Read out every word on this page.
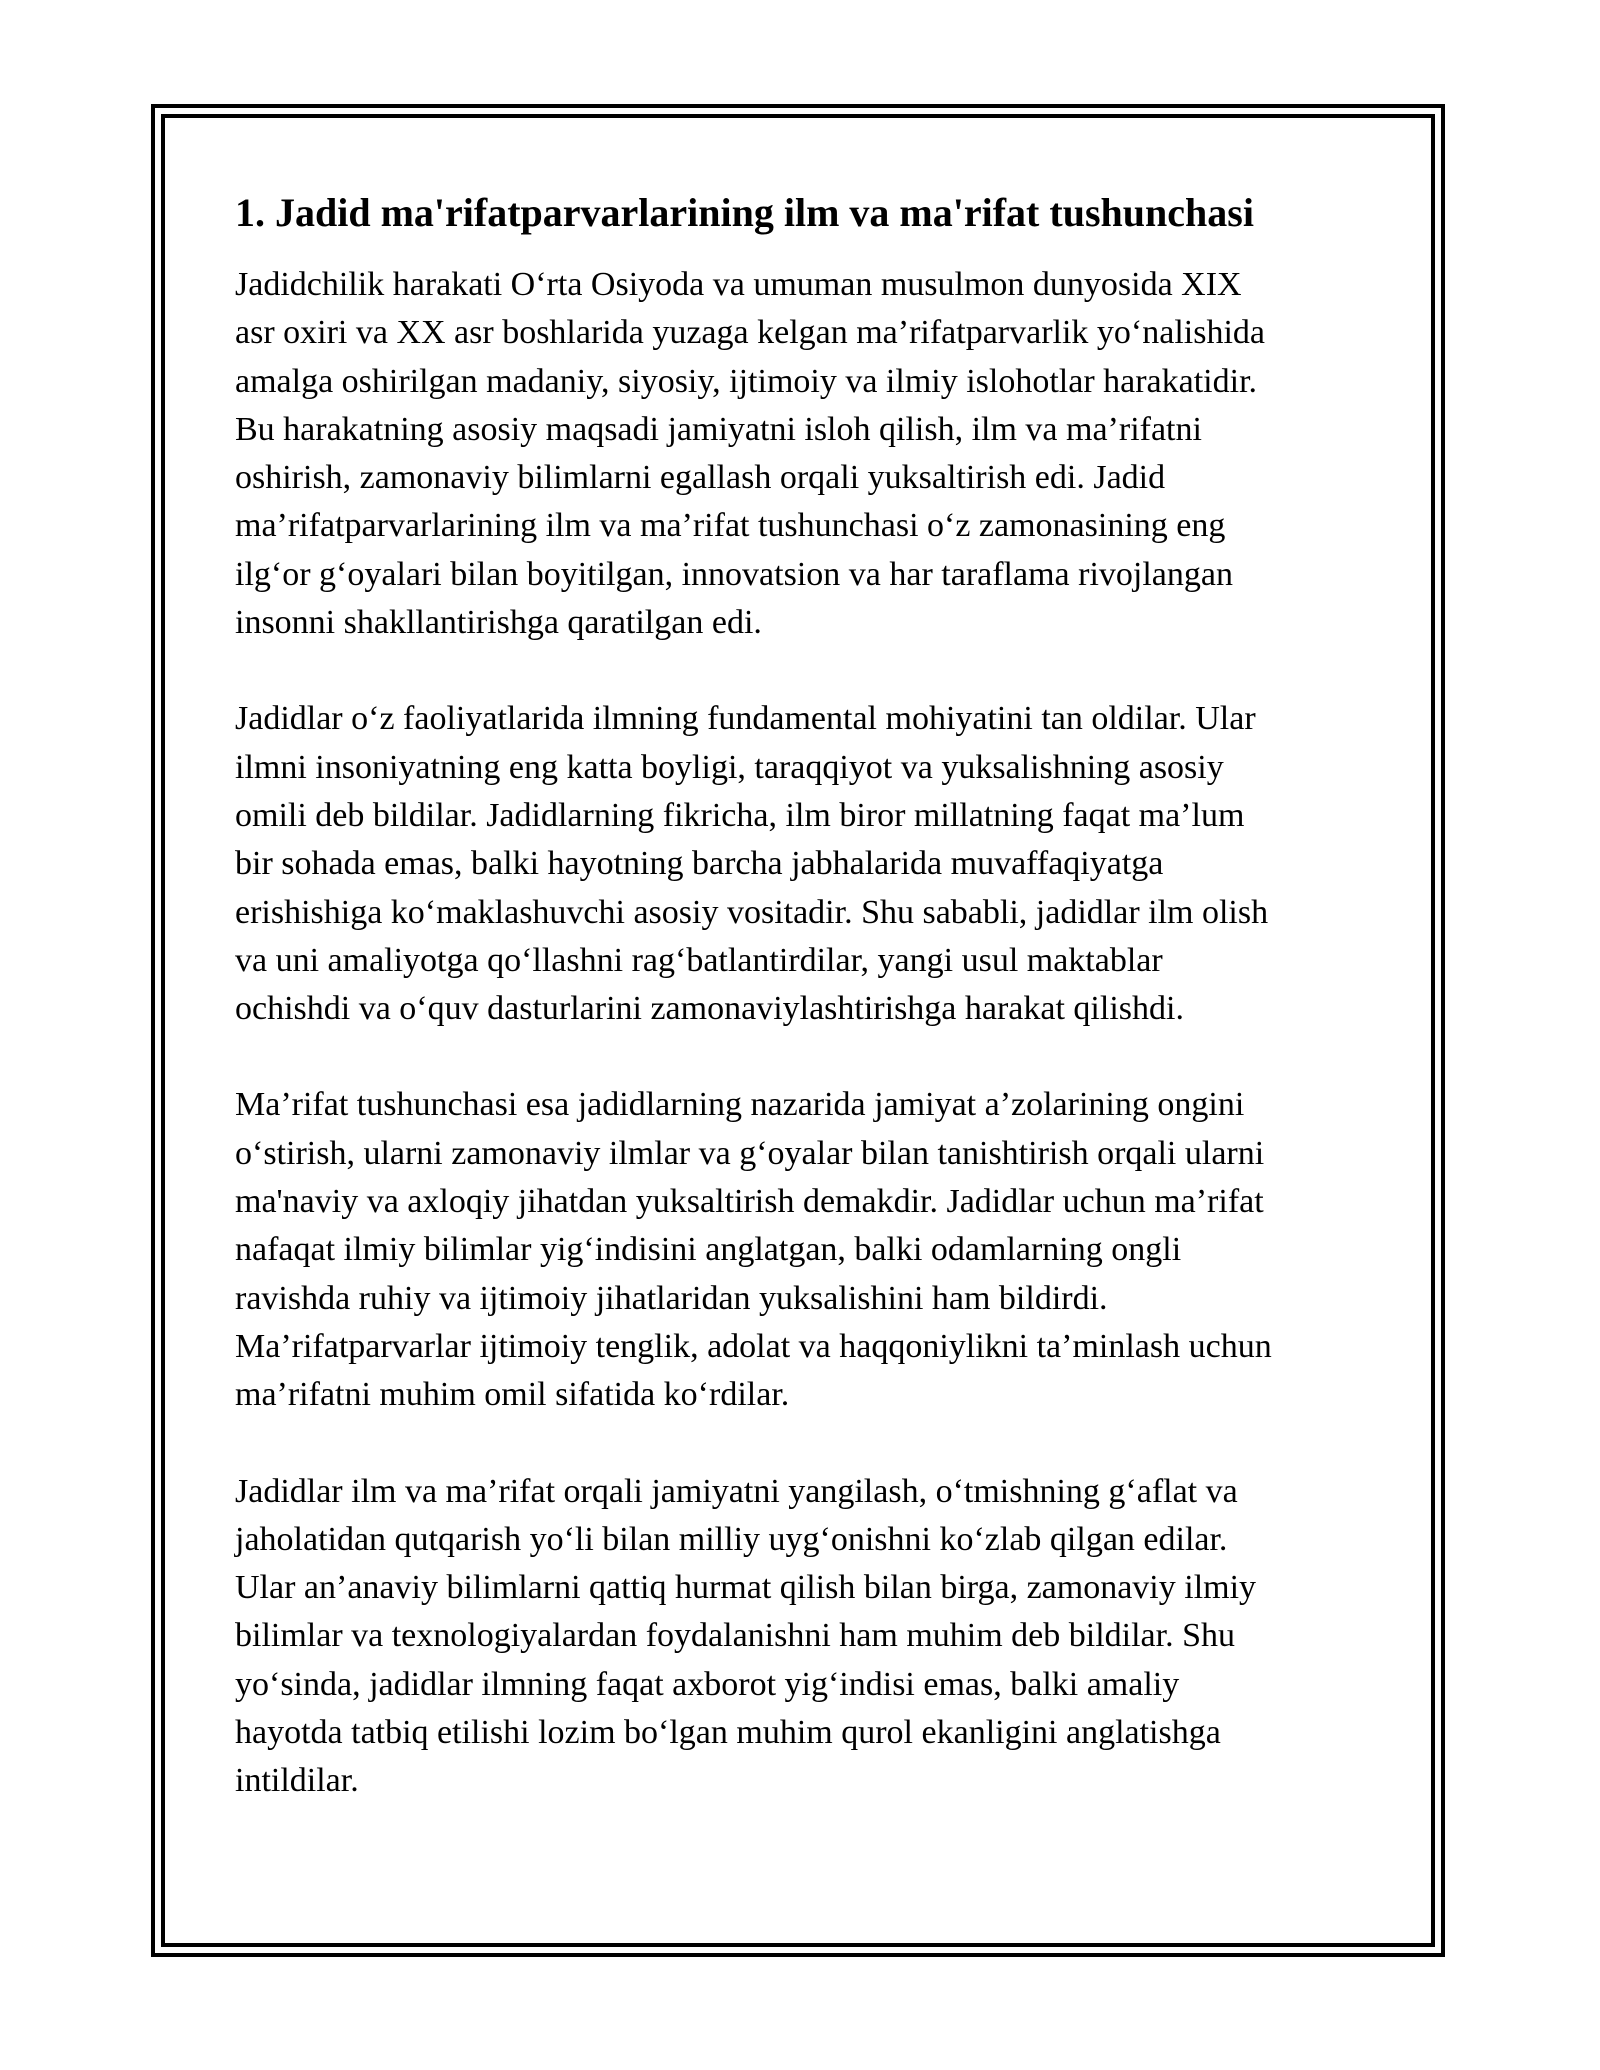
1. Jadid ma'rifatparvarlarining ilm va ma'rifat tushunchasi

Jadidchilik harakati O‘rta Osiyoda va umuman musulmon dunyosida XIX
asr oxiri va XX asr boshlarida yuzaga kelgan ma’rifatparvarlik yo‘nalishida
amalga oshirilgan madaniy, siyosiy, ijtimoiy va ilmiy islohotlar harakatidir.
Bu harakatning asosiy maqsadi jamiyatni isloh qilish, ilm va ma’rifatni
oshirish, zamonaviy bilimlarni egallash orqali yuksaltirish edi. Jadid
ma’rifatparvarlarining ilm va ma’rifat tushunchasi o‘z zamonasining eng
ilg‘or g‘oyalari bilan boyitilgan, innovatsion va har taraflama rivojlangan
insonni shakllantirishga qaratilgan edi.

Jadidlar o‘z faoliyatlarida ilmning fundamental mohiyatini tan oldilar. Ular
ilmni insoniyatning eng katta boyligi, taraqqiyot va yuksalishning asosiy
omili deb bildilar. Jadidlarning fikricha, ilm biror millatning faqat ma’lum
bir sohada emas, balki hayotning barcha jabhalarida muvaffaqiyatga
erishishiga ko‘maklashuvchi asosiy vositadir. Shu sababli, jadidlar ilm olish
va uni amaliyotga qo‘llashni rag‘batlantirdilar, yangi usul maktablar
ochishdi va o‘quv dasturlarini zamonaviylashtirishga harakat qilishdi.

Ma’rifat tushunchasi esa jadidlarning nazarida jamiyat a’zolarining ongini
o‘stirish, ularni zamonaviy ilmlar va g‘oyalar bilan tanishtirish orqali ularni
ma'naviy va axloqiy jihatdan yuksaltirish demakdir. Jadidlar uchun ma’rifat
nafaqat ilmiy bilimlar yig‘indisini anglatgan, balki odamlarning ongli
ravishda ruhiy va ijtimoiy jihatlaridan yuksalishini ham bildirdi.
Ma’rifatparvarlar ijtimoiy tenglik, adolat va haqqoniylikni ta’minlash uchun
ma’rifatni muhim omil sifatida ko‘rdilar.

Jadidlar ilm va ma’rifat orqali jamiyatni yangilash, o‘tmishning g‘aflat va
jaholatidan qutqarish yo‘li bilan milliy uyg‘onishni ko‘zlab qilgan edilar.
Ular an’anaviy bilimlarni qattiq hurmat qilish bilan birga, zamonaviy ilmiy
bilimlar va texnologiyalardan foydalanishni ham muhim deb bildilar. Shu
yo‘sinda, jadidlar ilmning faqat axborot yig‘indisi emas, balki amaliy
hayotda tatbiq etilishi lozim bo‘lgan muhim qurol ekanligini anglatishga
intildilar.
